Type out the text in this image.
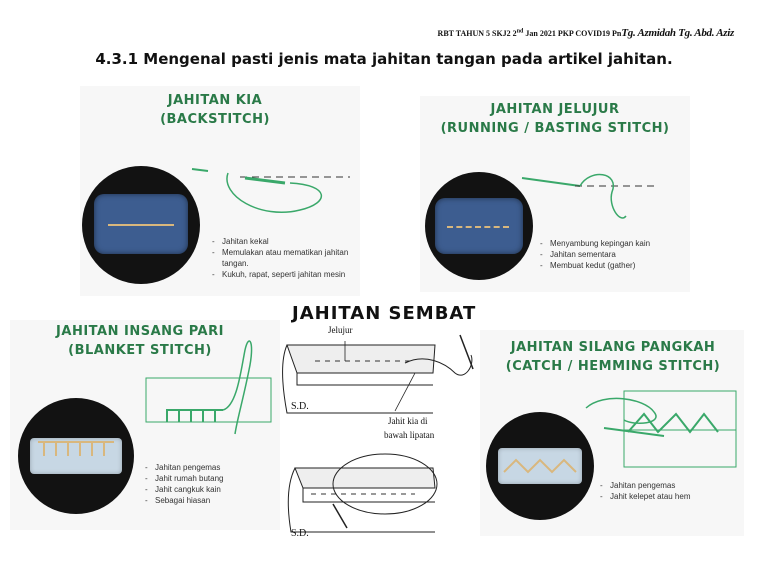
RBT TAHUN 5 SKJ2 2nd Jan 2021 PKP COVID19 PnTg. Azmidah Tg. Abd. Aziz
4.3.1 Mengenal pasti jenis mata jahitan tangan pada artikel jahitan.
JAHITAN KIA
(BACKSTITCH)
- Jahitan kekal
- Memulakan atau mematikan jahitan tangan.
- Kukuh, rapat, seperti jahitan mesin
JAHITAN JELUJUR
(RUNNING / BASTING STITCH)
- Menyambung kepingan kain
- Jahitan sementara
- Membuat kedut (gather)
JAHITAN INSANG PARI
(BLANKET STITCH)
- Jahitan pengemas
- Jahit rumah butang
- Jahit cangkuk kain
- Sebagai hiasan
JAHITAN SEMBAT
Jelujur
S.D.
Jahit kia di
bawah lipatan
S.D.
JAHITAN SILANG PANGKAH
(CATCH / HEMMING STITCH)
- Jahitan pengemas
- Jahit kelepet atau hem
